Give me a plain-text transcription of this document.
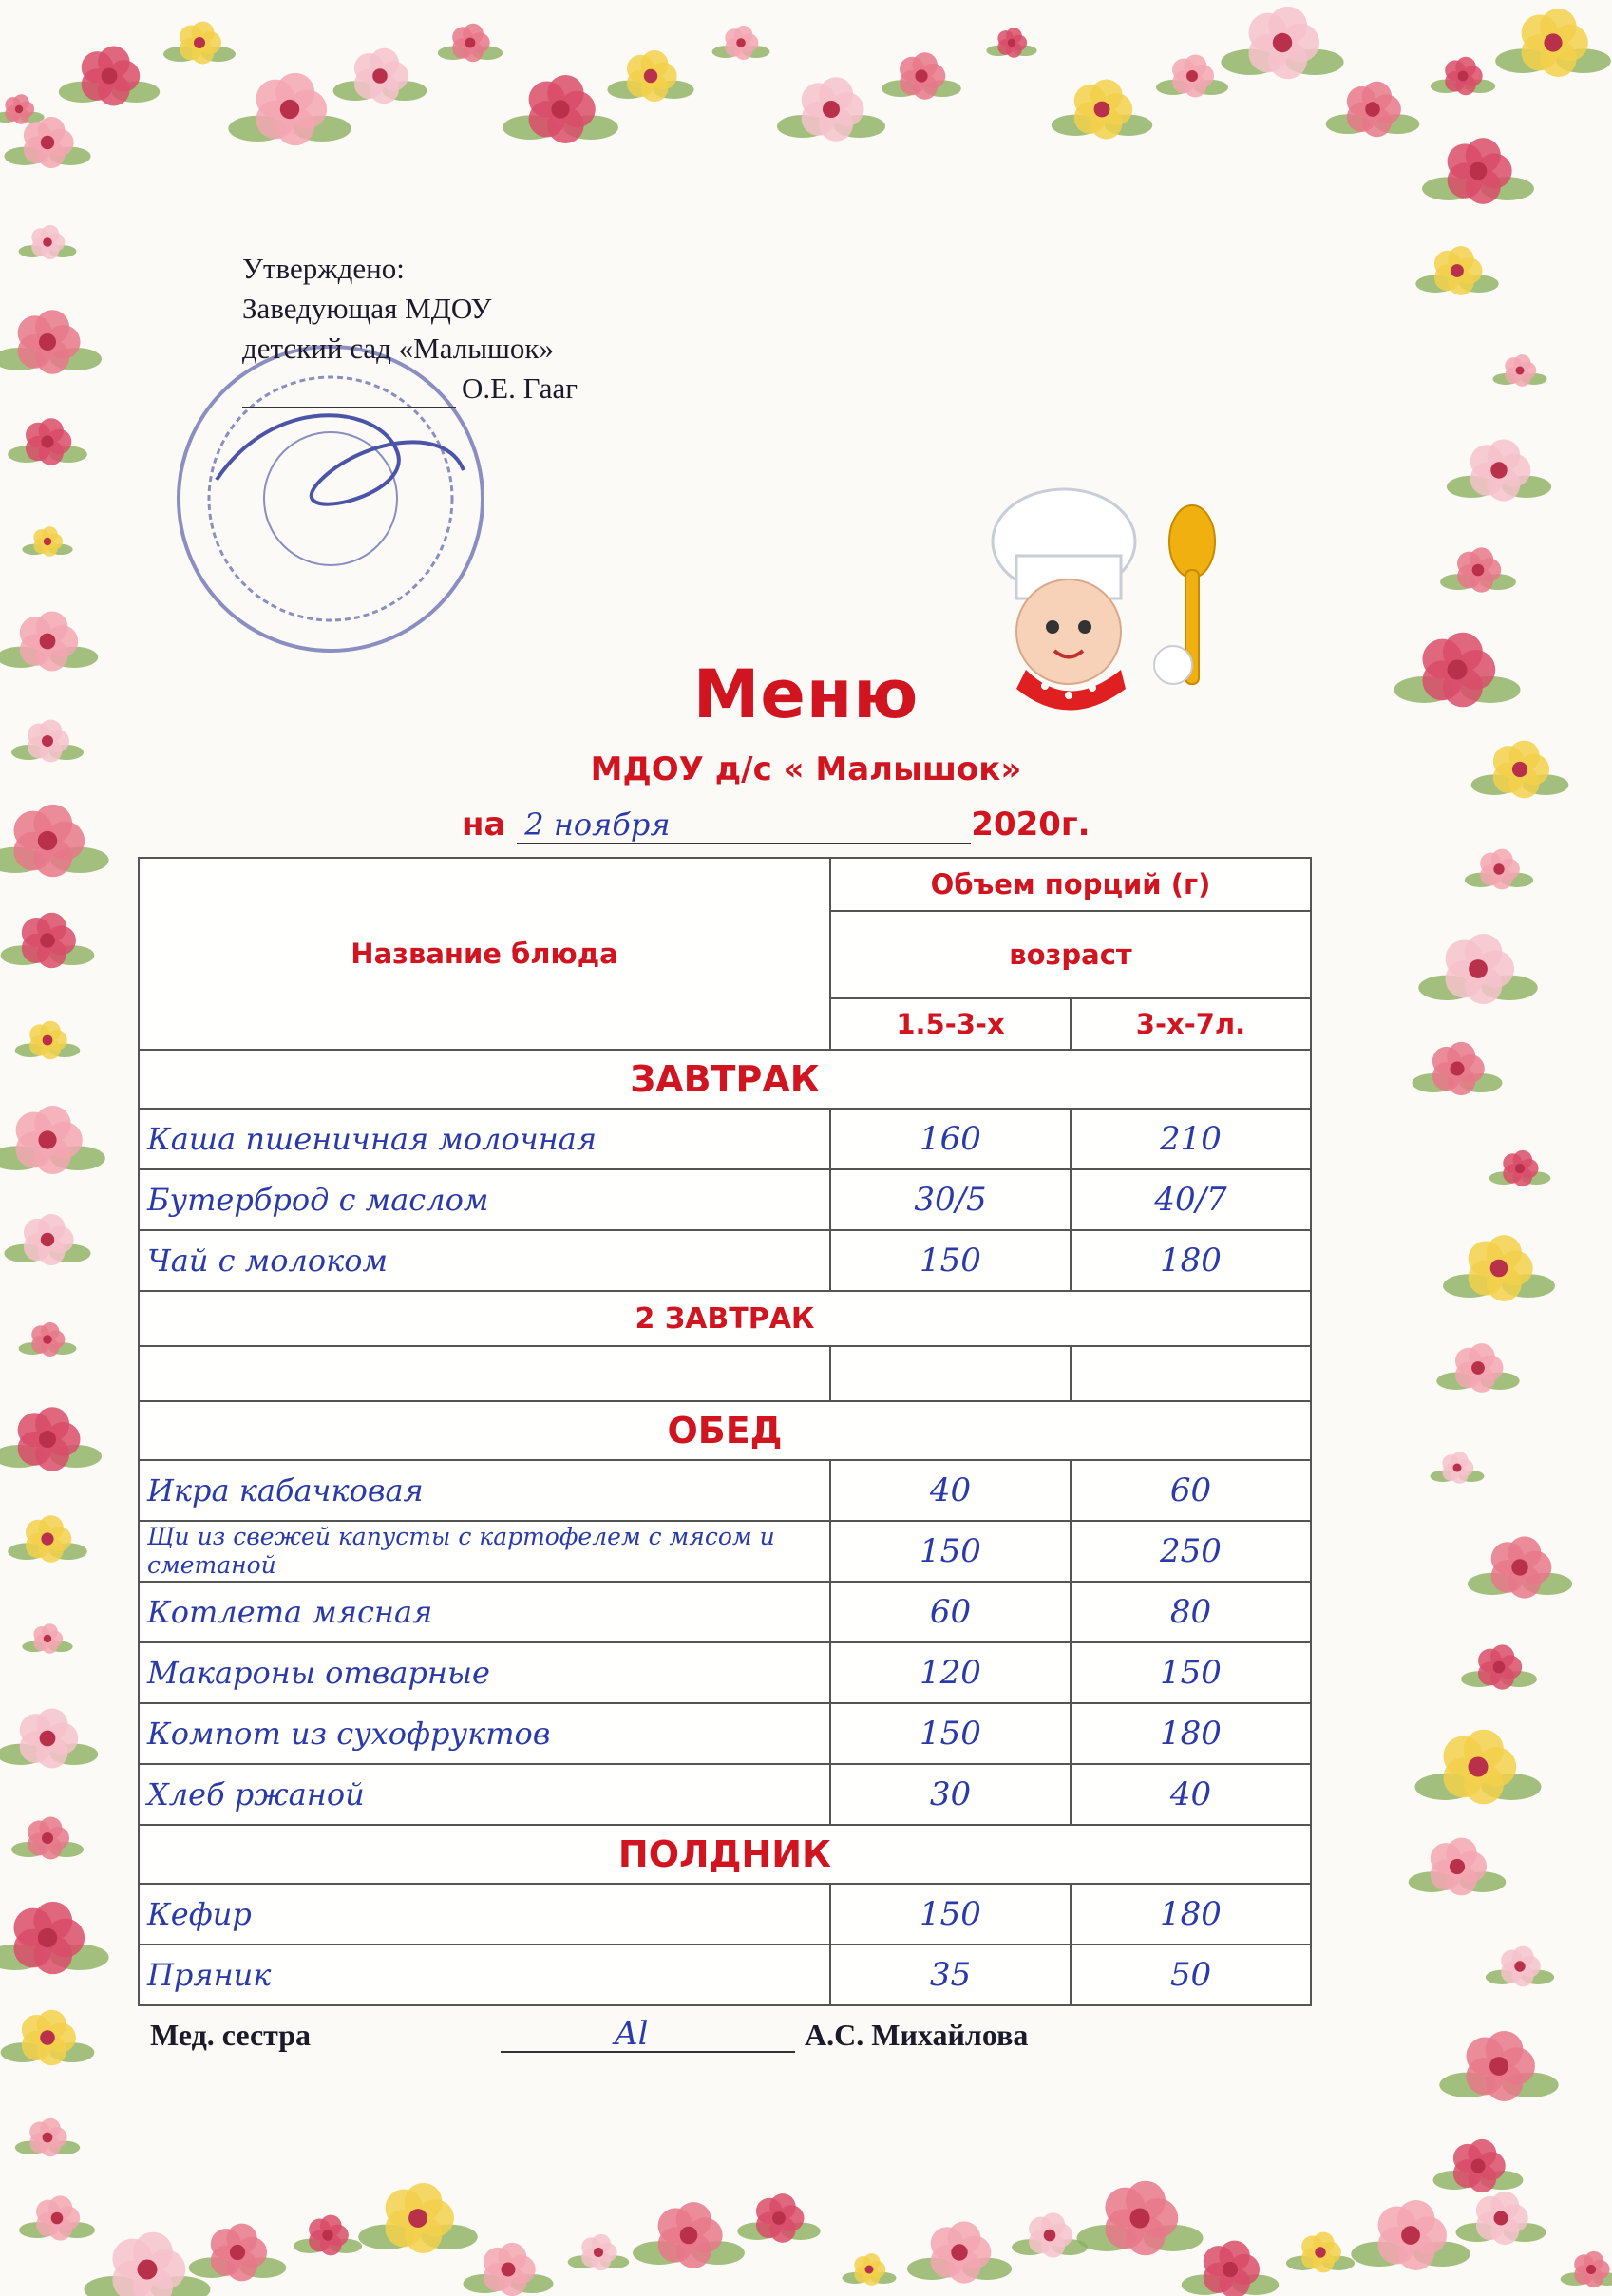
Утверждено:
Заведующая МДОУ
детский сад «Малышок»
О.Е. Гааг
Меню
МДОУ д/с « Малышок»
на 2 ноября	2020г.
Название блюда	Объем порций (г)	
	возраст	
	1.5-3-х	3-х-7л.
ЗАВТРАК		
Каша пшеничная молочная	160	210
Бутерброд с маслом	30/5	40/7
Чай с молоком	150	180
2 ЗАВТРАК		

ОБЕД		
Икра кабачковая	40	60
Щи из свежей капусты с картофелем с мясом и сметаной	150	250
Котлета мясная	60	80
Макароны отварные	120	150
Компот из сухофруктов	150	180
Хлеб ржаной	30	40
ПОЛДНИК		
Кефир	150	180
Пряник	35	50
Мед. сестра	Al	А.С. Михайлова
